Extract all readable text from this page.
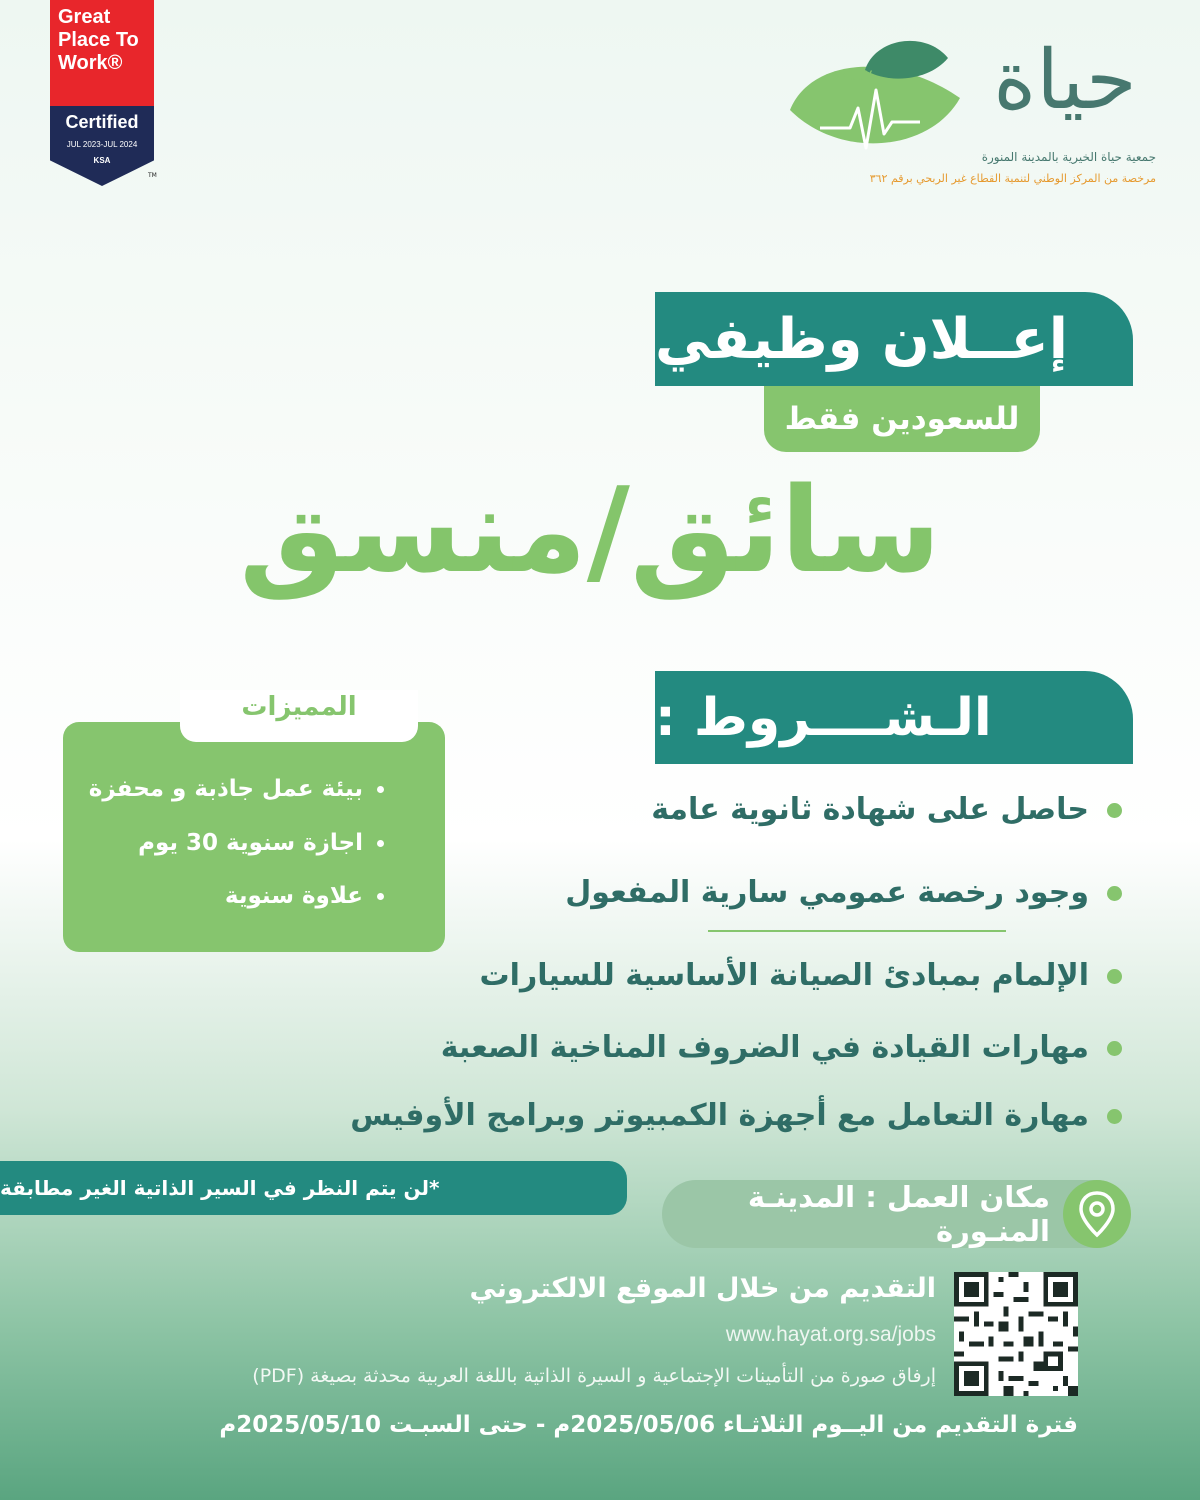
Great Place To Work®
Certified
JUL 2023-JUL 2024
KSA
TM
١٤٤٧هـ	حياة
جمعية حياة الخيرية بالمدينة المنورة
مرخصة من المركز الوطني لتنمية القطاع غير الربحي برقم ٣٦٢
إعــلان وظيفي
للسعودين فقط
سائق/منسق
الـشــــروط :
حاصل على شهادة ثانوية عامة
وجود رخصة عمومي سارية المفعول
الإلمام بمبادئ الصيانة الأساسية للسيارات
مهارات القيادة في الضروف المناخية الصعبة
مهارة التعامل مع أجهزة الكمبيوتر وبرامج الأوفيس
المميزات
بيئة عمل جاذبة و محفزة
اجازة سنوية 30 يوم
علاوة سنوية
*لن يتم النظر في السير الذاتية الغير مطابقة	مكان العمل : المدينـة المنـورة
التقديم من خلال الموقع الالكتروني
www.hayat.org.sa/jobs
إرفاق صورة من التأمينات الإجتماعية و السيرة الذاتية باللغة العربية محدثة بصيغة (PDF)
فترة التقديم من اليــوم الثلاثـاء 2025/05/06م - حتى السبـت 2025/05/10م
